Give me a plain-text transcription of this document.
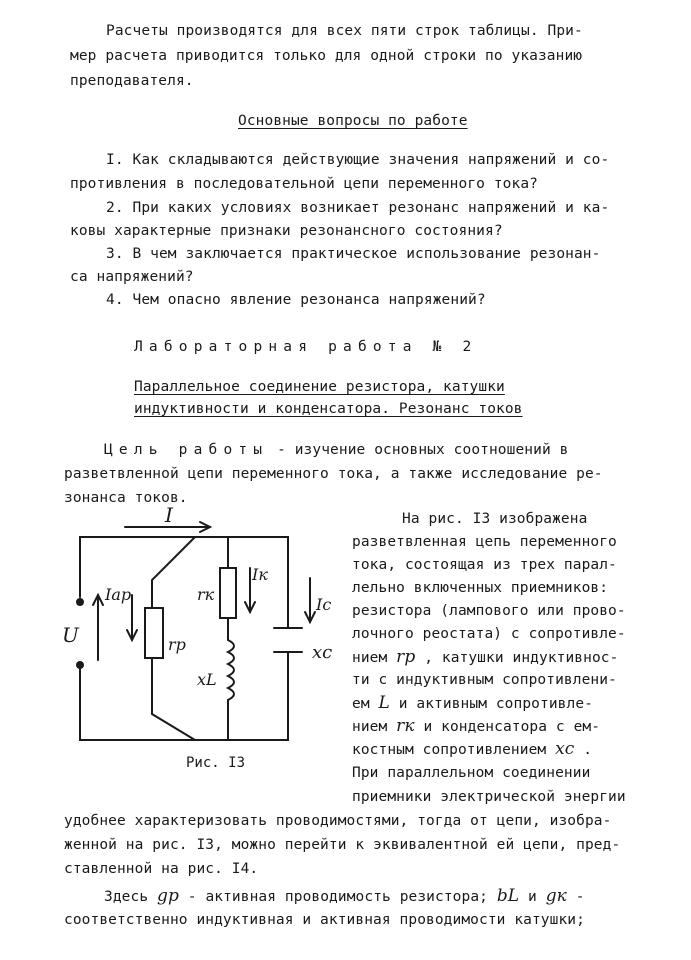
Расчеты производятся для всех пяти строк таблицы. При-
мер расчета приводится только для одной строки по указанию
преподавателя.
Основные вопросы по работе
I. Как складываются действующие значения напряжений и со-
противления в последовательной цепи переменного тока?
2. При каких условиях возникает резонанс напряжений и ка-
ковы характерные признаки резонансного состояния?
3. В чем заключается практическое использование резонан-
са напряжений?
4. Чем опасно явление резонанса напряжений?
Лабораторная работа № 2
Параллельное соединение резистора, катушки
индуктивности и конденсатора. Резонанс токов
Цель работы - изучение основных соотношений в
разветвленной цепи переменного тока, а также исследование ре-
зонанса токов.
I
U
Iар
rр
rк
Iк
xL
Ic
xc
Рис. I3
На рис. I3 изображена
разветвленная цепь переменного
тока, состоящая из трех парал-
лельно включенных приемников:
резистора (лампового или прово-
лочного реостата) с сопротивле-
нием rр , катушки индуктивнос-
ти с индуктивным сопротивлени-
ем L и активным сопротивле-
нием rк и конденсатора с ем-
костным сопротивлением xc .
При параллельном соединении
приемники электрической энергии
удобнее характеризовать проводимостями, тогда от цепи, изобра-
женной на рис. I3, можно перейти к эквивалентной ей цепи, пред-
ставленной на рис. I4.
Здесь gр - активная проводимость резистора; bL и gк -
соответственно индуктивная и активная проводимости катушки;
